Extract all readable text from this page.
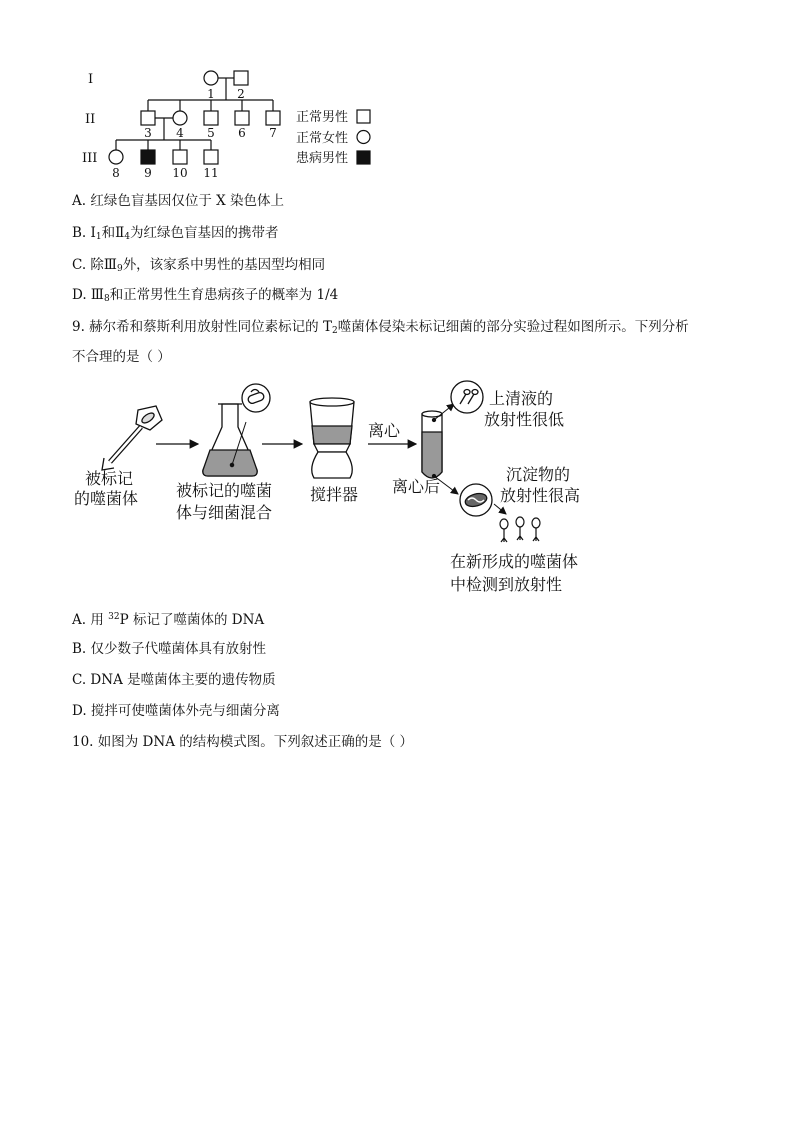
I
II
III
1 2
3 4 5 6 7
8 9 10 11
正常男性
正常女性
患病男性
A. 红绿色盲基因仅位于 X 染色体上
B. $I_1$和$Ⅱ_4$为红绿色盲基因的携带者
C. 除$Ⅲ_9$外，该家系中男性的基因型均相同
D. $Ⅲ_8$和正常男性生育患病孩子的概率为 1/4
9. 赫尔希和蔡斯利用放射性同位素标记的 $T_2$噬菌体侵染未标记细菌的部分实验过程如图所示。下列分析
不合理的是（ ）
被标记
的噬菌体 被标记的噬菌
体与细菌混合
搅拌器
离心
离心后
上清液的
放射性很低
沉淀物的
放射性很高
在新形成的噬菌体
中检测到放射性
A. 用 $^{32}$P 标记了噬菌体的 DNA
B. 仅少数子代噬菌体具有放射性
C. DNA 是噬菌体主要的遗传物质
D. 搅拌可使噬菌体外壳与细菌分离
10. 如图为 DNA 的结构模式图。下列叙述正确的是（ ）
